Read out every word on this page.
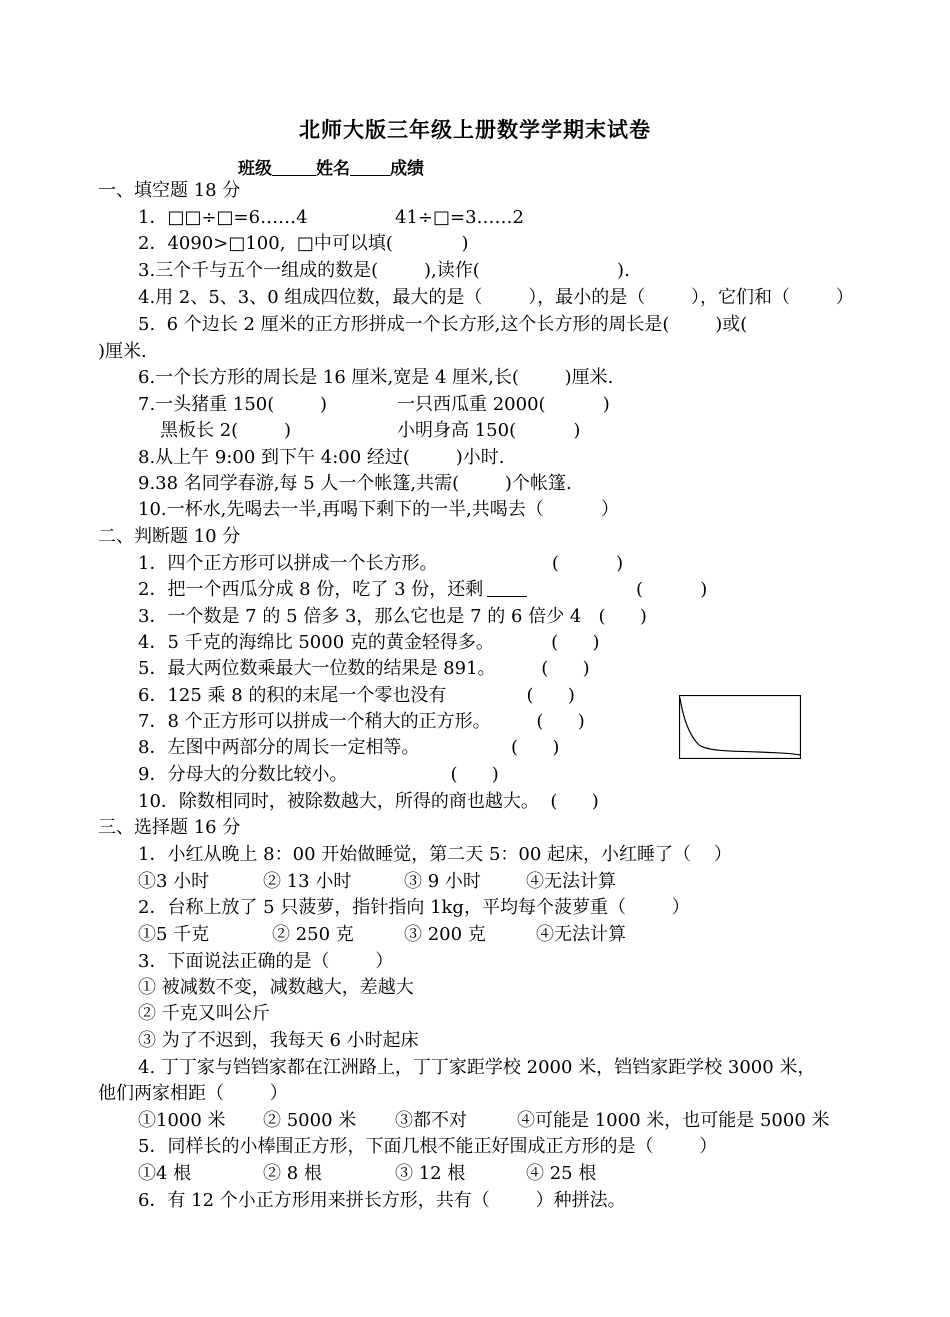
北师大版三年级上册数学学期末试卷
班级	姓名 成绩
一、填空题 18 分
1．□□÷□=6……4	41÷□=3……2
2．4090>□100,  □中可以填(            )
3.三个千与五个一组成的数是(        ),读作(                        ).
4.用 2、5、3、0 组成四位数，最大的是（        ），最小的是（        ），它们和（        ）
5.  6 个边长 2 厘米的正方形拼成一个长方形,这个长方形的周长是(        )或(
)厘米.
6.一个长方形的周长是 16 厘米,宽是 4 厘米,长(        )厘米.
7.一头猪重 150(        )	一只西瓜重 2000(          )
黑板长 2(        )	小明身高 150(          )
8.从上午 9:00 到下午 4:00 经过(        )小时.
9.38 名同学春游,每 5 人一个帐篷,共需(        )个帐篷.
10.一杯水,先喝去一半,再喝下剩下的一半,共喝去（          ）
二、判断题 10 分
1．四个正方形可以拼成一个长方形。                    (          )
2．把一个西瓜分成 8 份，吃了 3 份，还剩	(          )
3．一个数是 7 的 5 倍多 3，那么它也是 7 的 6 倍少 4   (      )
4．5 千克的海绵比 5000 克的黄金轻得多。          (      )
5．最大两位数乘最大一位数的结果是 891。        (      )
6．125 乘 8 的积的末尾一个零也没有              (      )
7．8 个正方形可以拼成一个稍大的正方形。        (      )
8．左图中两部分的周长一定相等。                (      )
9．分母大的分数比较小。                  (      )
10．除数相同时，被除数越大，所得的商也越大。  (      )
三、选择题 16 分
1．小红从晚上 8：00 开始做睡觉，第二天 5：00 起床，小红睡了（    ）
①3 小时	② 13 小时	③ 9 小时	④无法计算
2．台称上放了 5 只菠萝，指针指向 1kg，平均每个菠萝重（        ）
①5 千克	② 250 克	③ 200 克	④无法计算
3．下面说法正确的是（        ）
① 被减数不变，减数越大，差越大
② 千克又叫公斤
③ 为了不迟到，我每天 6 小时起床
4. 丁丁家与铛铛家都在江洲路上，丁丁家距学校 2000 米，铛铛家距学校 3000 米，
他们两家相距（        ）
①1000 米 ② 5000 米 ③都不对	④可能是 1000 米，也可能是 5000 米
5．同样长的小棒围正方形，下面几根不能正好围成正方形的是（        ）
①4 根	② 8 根	③ 12 根	④ 25 根
6．有 12 个小正方形用来拼长方形，共有（        ）种拼法。
